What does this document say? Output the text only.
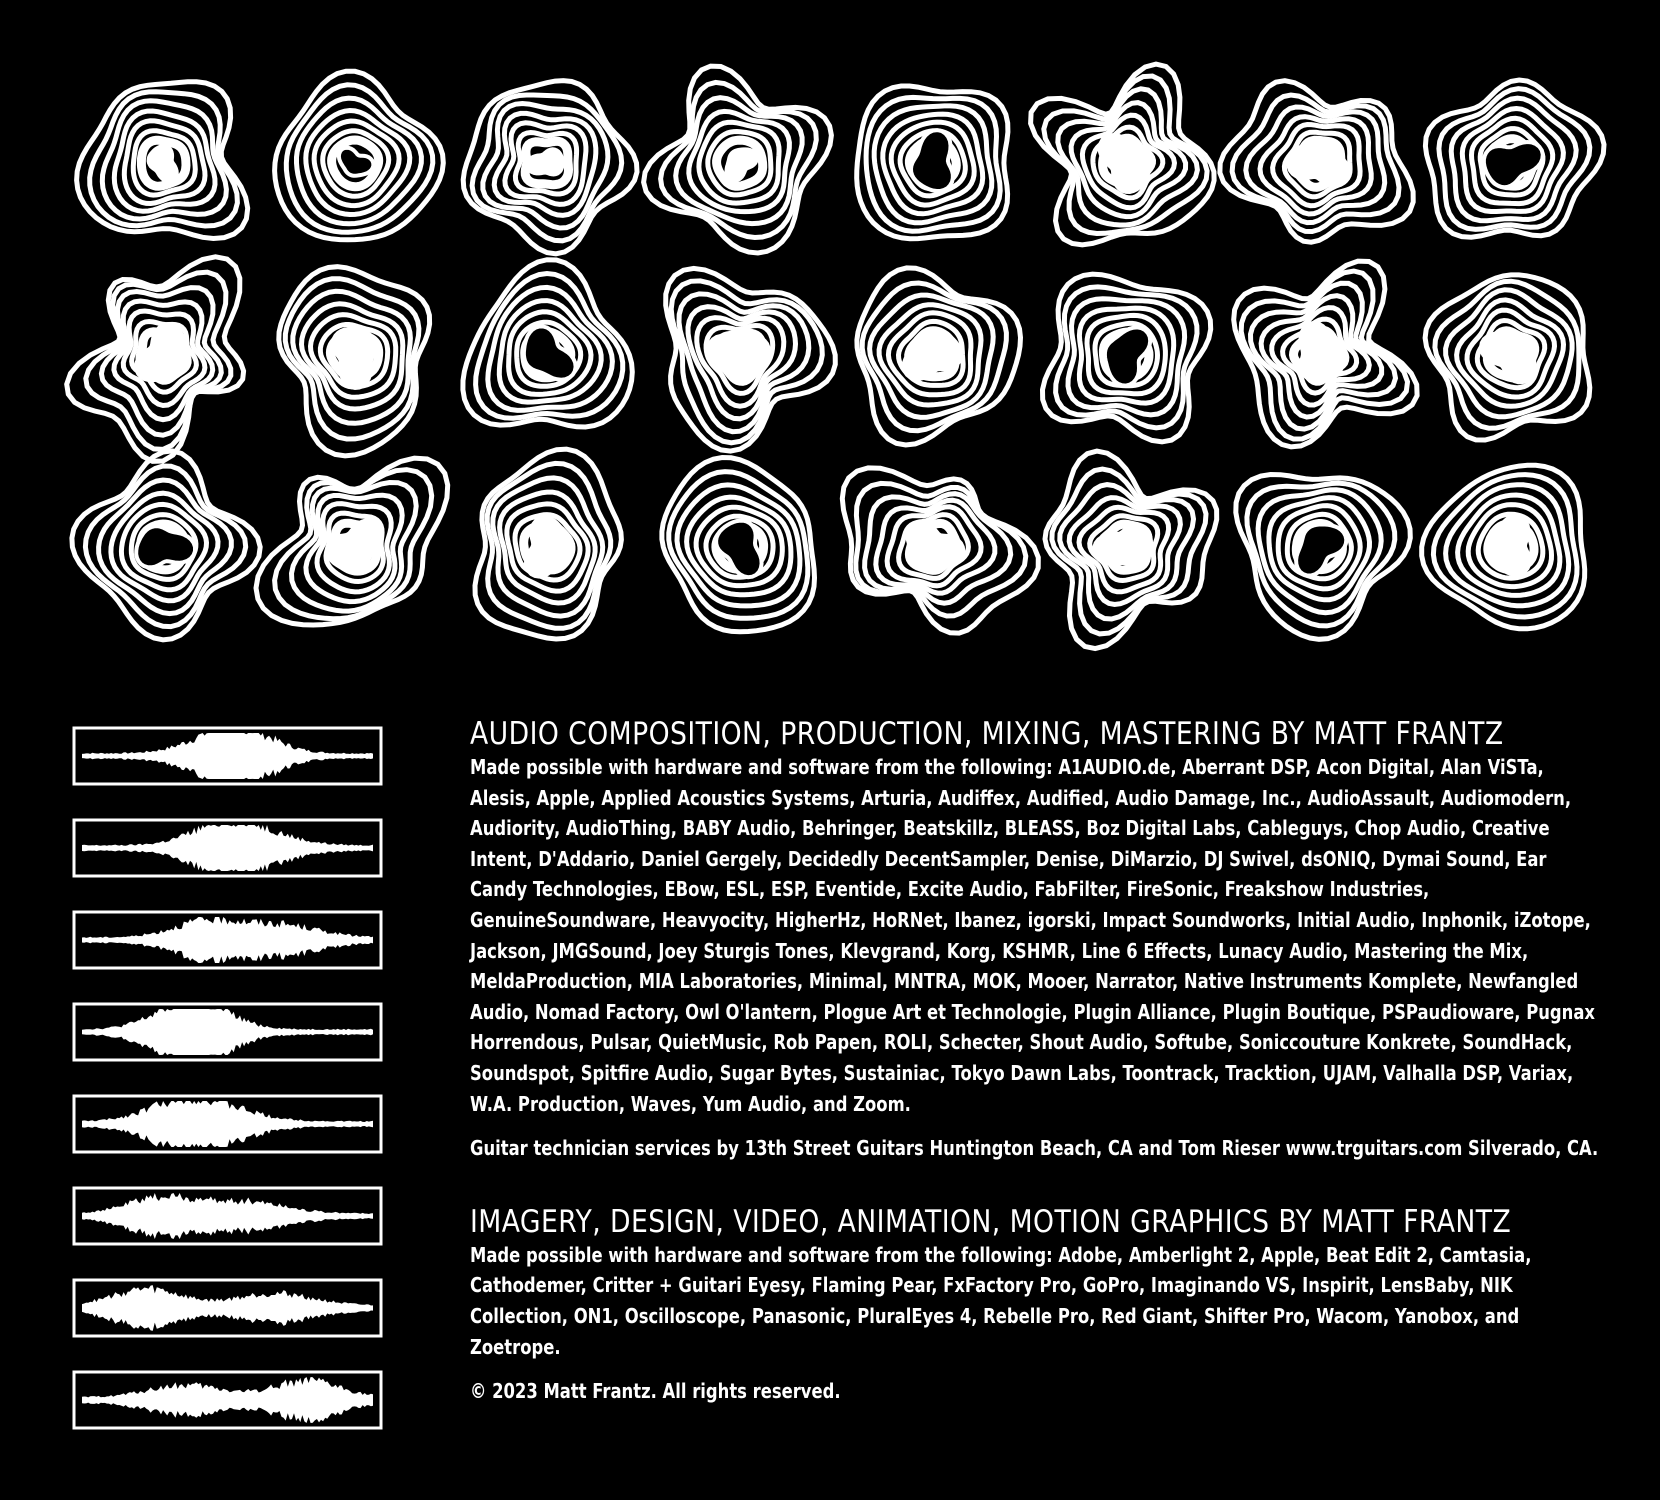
AUDIO COMPOSITION, PRODUCTION, MIXING, MASTERING BY MATT FRANTZ
Made possible with hardware and software from the following: A1AUDIO.de, Aberrant DSP, Acon Digital, Alan ViSTa, Alesis, Apple, Applied Acoustics Systems, Arturia, Audiffex, Audified, Audio Damage, Inc., AudioAssault, Audiomodern, Audiority, AudioThing, BABY Audio, Behringer, Beatskillz, BLEASS, Boz Digital Labs, Cableguys, Chop Audio, Creative Intent, D'Addario, Daniel Gergely, Decidedly DecentSampler, Denise, DiMarzio, DJ Swivel, dsONIQ, Dymai Sound, Ear Candy Technologies, EBow, ESL, ESP, Eventide, Excite Audio, FabFilter, FireSonic, Freakshow Industries, GenuineSoundware, Heavyocity, HigherHz, HoRNet, Ibanez, igorski, Impact Soundworks, Initial Audio, Inphonik, iZotope, Jackson, JMGSound, Joey Sturgis Tones, Klevgrand, Korg, KSHMR, Line 6 Effects, Lunacy Audio, Mastering the Mix, MeldaProduction, MIA Laboratories, Minimal, MNTRA, MOK, Mooer, Narrator, Native Instruments Komplete, Newfangled Audio, Nomad Factory, Owl O'lantern, Plogue Art et Technologie, Plugin Alliance, Plugin Boutique, PSPaudioware, Pugnax Horrendous, Pulsar, QuietMusic, Rob Papen, ROLI, Schecter, Shout Audio, Softube, Soniccouture Konkrete, SoundHack, Soundspot, Spitfire Audio, Sugar Bytes, Sustainiac, Tokyo Dawn Labs, Toontrack, Tracktion, UJAM, Valhalla DSP, Variax, W.A. Production, Waves, Yum Audio, and Zoom.
Guitar technician services by 13th Street Guitars Huntington Beach, CA and Tom Rieser www.trguitars.com Silverado, CA.
IMAGERY, DESIGN, VIDEO, ANIMATION, MOTION GRAPHICS BY MATT FRANTZ
Made possible with hardware and software from the following: Adobe, Amberlight 2, Apple, Beat Edit 2, Camtasia, Cathodemer, Critter + Guitari Eyesy, Flaming Pear, FxFactory Pro, GoPro, Imaginando VS, Inspirit, LensBaby, NIK Collection, ON1, Oscilloscope, Panasonic, PluralEyes 4, Rebelle Pro, Red Giant, Shifter Pro, Wacom, Yanobox, and Zoetrope.
© 2023 Matt Frantz. All rights reserved.
